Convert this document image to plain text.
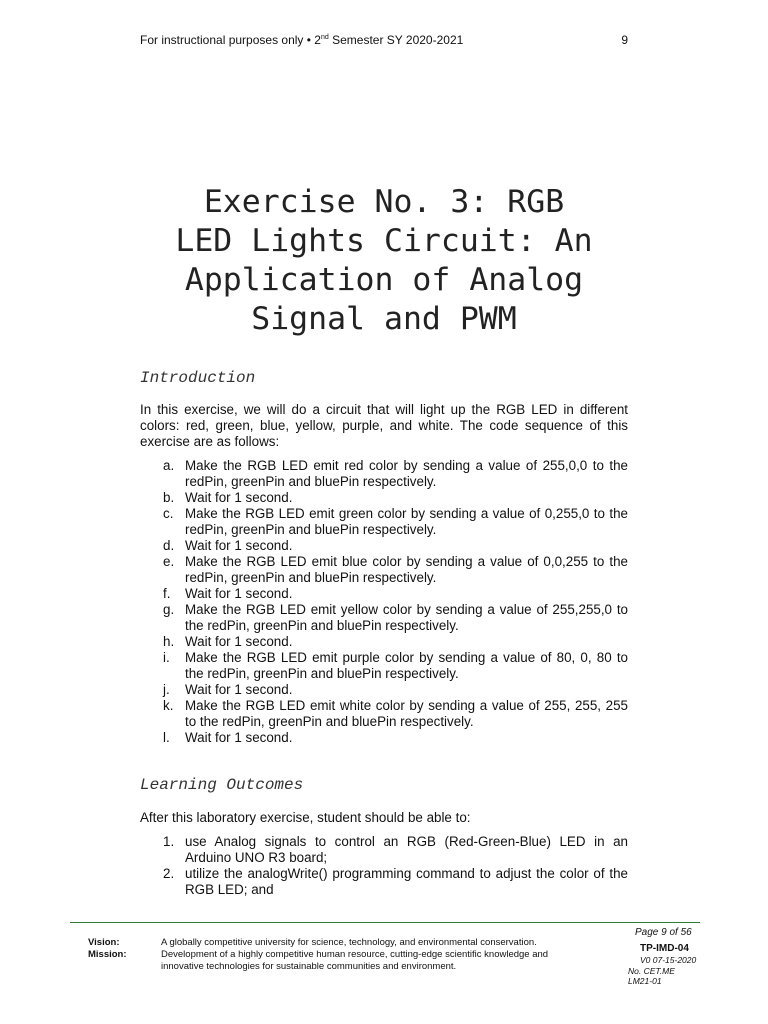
For instructional purposes only • 2nd Semester SY 2020-2021	9
Exercise No. 3: RGB
LED Lights Circuit: An
Application of Analog
Signal and PWM
Introduction

In this exercise, we will do a circuit that will light up the RGB LED in different colors: red, green, blue, yellow, purple, and white. The code sequence of this exercise are as follows:

a. Make the RGB LED emit red color by sending a value of 255,0,0 to the redPin, greenPin and bluePin respectively.
b. Wait for 1 second.
c. Make the RGB LED emit green color by sending a value of 0,255,0 to the redPin, greenPin and bluePin respectively.
d. Wait for 1 second.
e. Make the RGB LED emit blue color by sending a value of 0,0,255 to the redPin, greenPin and bluePin respectively.
f.	Wait for 1 second.
g. Make the RGB LED emit yellow color by sending a value of 255,255,0 to the redPin, greenPin and bluePin respectively.
h. Wait for 1 second.
i.	Make the RGB LED emit purple color by sending a value of 80, 0, 80 to the redPin, greenPin and bluePin respectively.
j.	Wait for 1 second.
k. Make the RGB LED emit white color by sending a value of 255, 255, 255 to the redPin, greenPin and bluePin respectively.
l.	Wait for 1 second.
Learning Outcomes

After this laboratory exercise, student should be able to:

1. use Analog signals to control an RGB (Red-Green-Blue) LED in an Arduino UNO R3 board;
2. utilize the analogWrite() programming command to adjust the color of the RGB LED; and
Vision:	A globally competitive university for science, technology, and environmental conservation.
Mission:	Development of a highly competitive human resource, cutting-edge scientific knowledge and innovative technologies for sustainable communities and environment.
Page 9 of 56
TP-IMD-04
V0 07-15-2020
No. CET.ME
LM21-01
